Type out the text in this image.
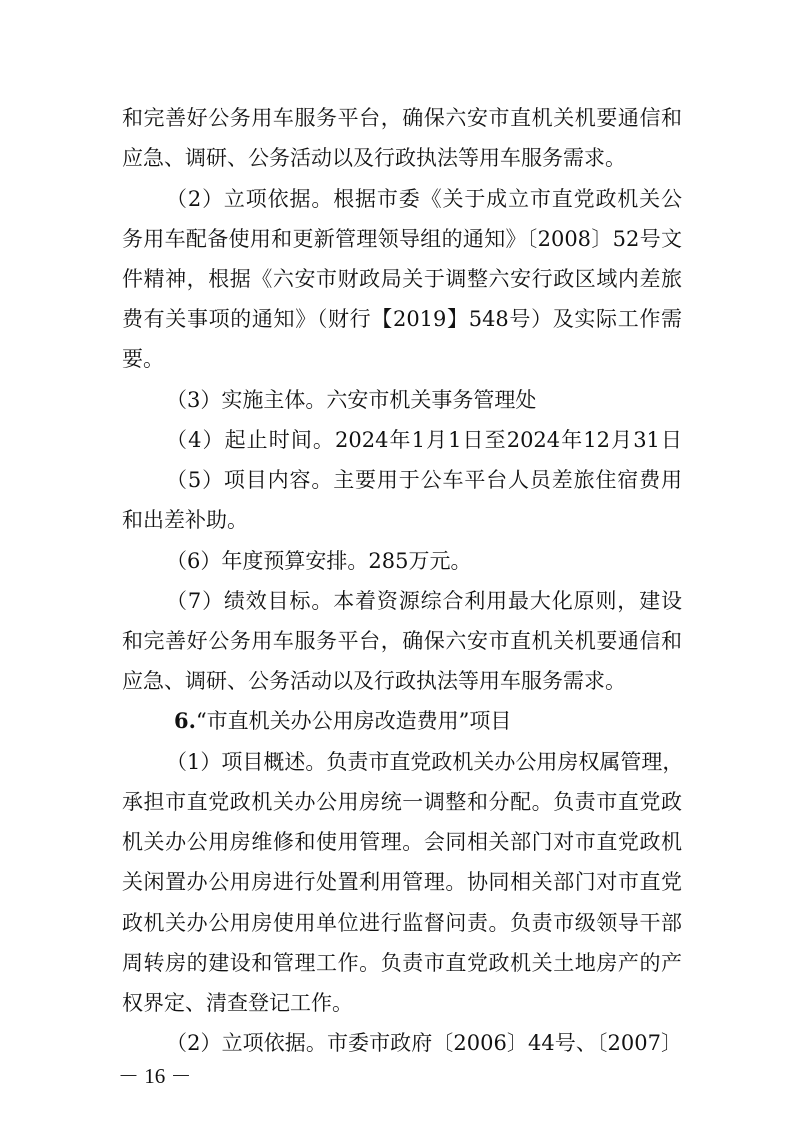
和完善好公务用车服务平台，确保六安市直机关机要通信和
应急、调研、公务活动以及行政执法等用车服务需求。
（2）立项依据。根据市委《关于成立市直党政机关公
务用车配备使用和更新管理领导组的通知》〔2008〕52号文
件精神，根据《六安市财政局关于调整六安行政区域内差旅
费有关事项的通知》（财行【2019】548号）及实际工作需
要。
（3）实施主体。六安市机关事务管理处
（4）起止时间。2024年1月1日至2024年12月31日
（5）项目内容。主要用于公车平台人员差旅住宿费用
和出差补助。
（6）年度预算安排。285万元。
（7）绩效目标。本着资源综合利用最大化原则，建设
和完善好公务用车服务平台，确保六安市直机关机要通信和
应急、调研、公务活动以及行政执法等用车服务需求。
6.“市直机关办公用房改造费用”项目
（1）项目概述。负责市直党政机关办公用房权属管理，
承担市直党政机关办公用房统一调整和分配。负责市直党政
机关办公用房维修和使用管理。会同相关部门对市直党政机
关闲置办公用房进行处置利用管理。协同相关部门对市直党
政机关办公用房使用单位进行监督问责。负责市级领导干部
周转房的建设和管理工作。负责市直党政机关土地房产的产
权界定、清查登记工作。
（2）立项依据。市委市政府〔2006〕44号、〔2007〕
－ 16 －
